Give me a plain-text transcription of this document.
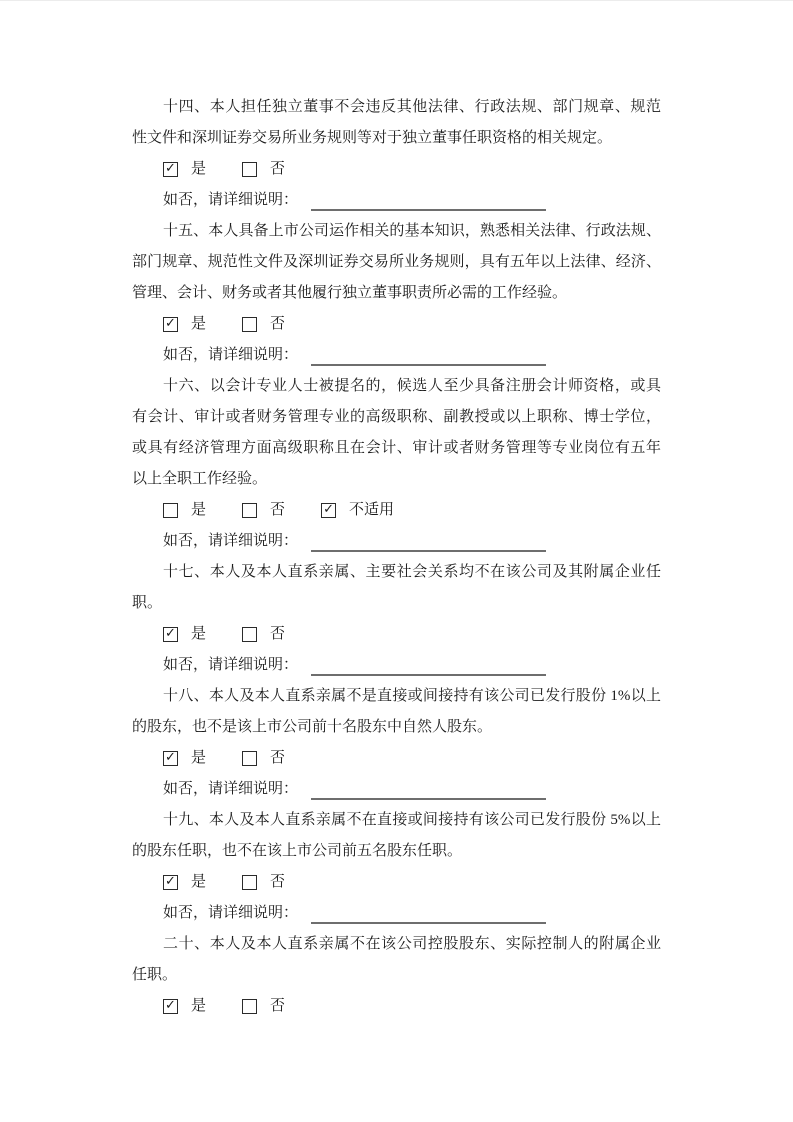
十四、本人担任独立董事不会违反其他法律、行政法规、部门规章、规范
性文件和深圳证券交易所业务规则等对于独立董事任职资格的相关规定。
✓ 是	否
如否，请详细说明：
十五、本人具备上市公司运作相关的基本知识，熟悉相关法律、行政法规、
部门规章、规范性文件及深圳证券交易所业务规则，具有五年以上法律、经济、
管理、会计、财务或者其他履行独立董事职责所必需的工作经验。
✓ 是	否
如否，请详细说明：
十六、以会计专业人士被提名的，候选人至少具备注册会计师资格，或具
有会计、审计或者财务管理专业的高级职称、副教授或以上职称、博士学位，
或具有经济管理方面高级职称且在会计、审计或者财务管理等专业岗位有五年
以上全职工作经验。
是	否	✓ 不适用
如否，请详细说明：
十七、本人及本人直系亲属、主要社会关系均不在该公司及其附属企业任
职。
✓ 是	否
如否，请详细说明：
十八、本人及本人直系亲属不是直接或间接持有该公司已发行股份 1%以上
的股东，也不是该上市公司前十名股东中自然人股东。
✓ 是	否
如否，请详细说明：
十九、本人及本人直系亲属不在直接或间接持有该公司已发行股份 5%以上
的股东任职，也不在该上市公司前五名股东任职。
✓ 是	否
如否，请详细说明：
二十、本人及本人直系亲属不在该公司控股股东、实际控制人的附属企业
任职。
✓ 是	否
